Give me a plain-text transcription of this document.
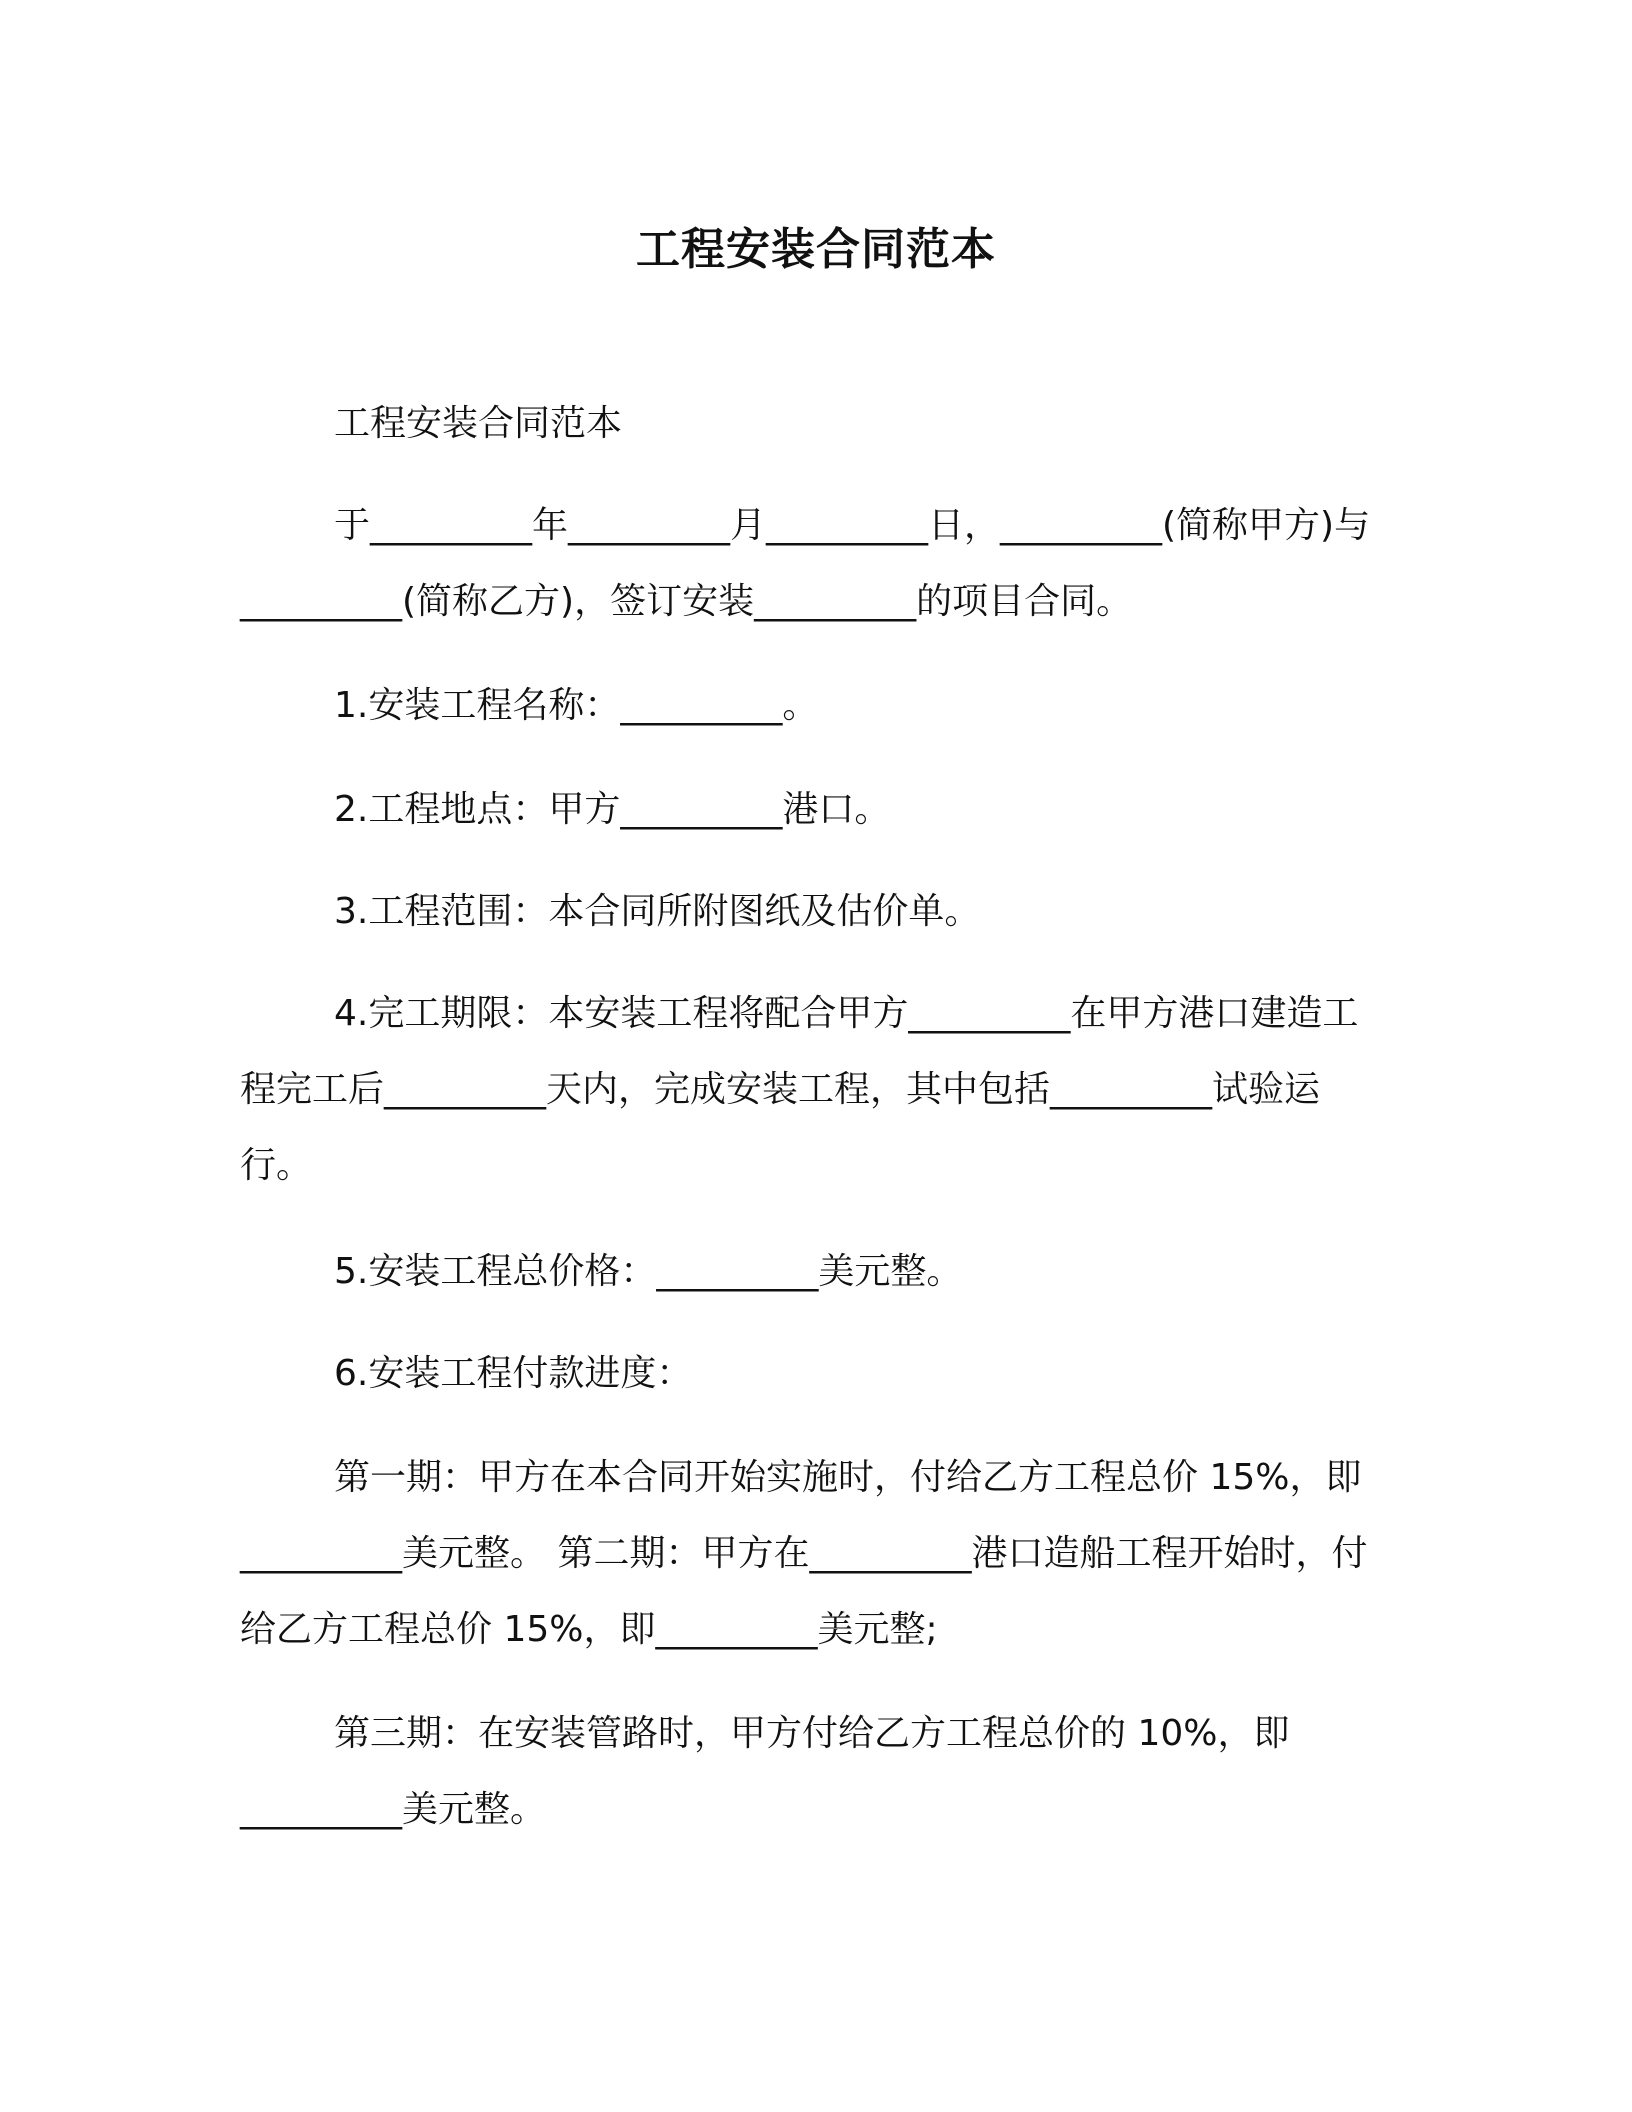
工程安装合同范本
工程安装合同范本
于_________年_________月_________日，_________(简称甲方)与_________(简称乙方)，签订安装_________的项目合同。
1.安装工程名称：_________。
2.工程地点：甲方_________港口。
3.工程范围：本合同所附图纸及估价单。
4.完工期限：本安装工程将配合甲方_________在甲方港口建造工程完工后_________天内，完成安装工程，其中包括_________试验运行。
5.安装工程总价格：_________美元整。
6.安装工程付款进度：
第一期：甲方在本合同开始实施时，付给乙方工程总价 15%，即_________美元整。 第二期：甲方在_________港口造船工程开始时，付给乙方工程总价 15%，即_________美元整;
第三期：在安装管路时，甲方付给乙方工程总价的 10%，即_________美元整。
